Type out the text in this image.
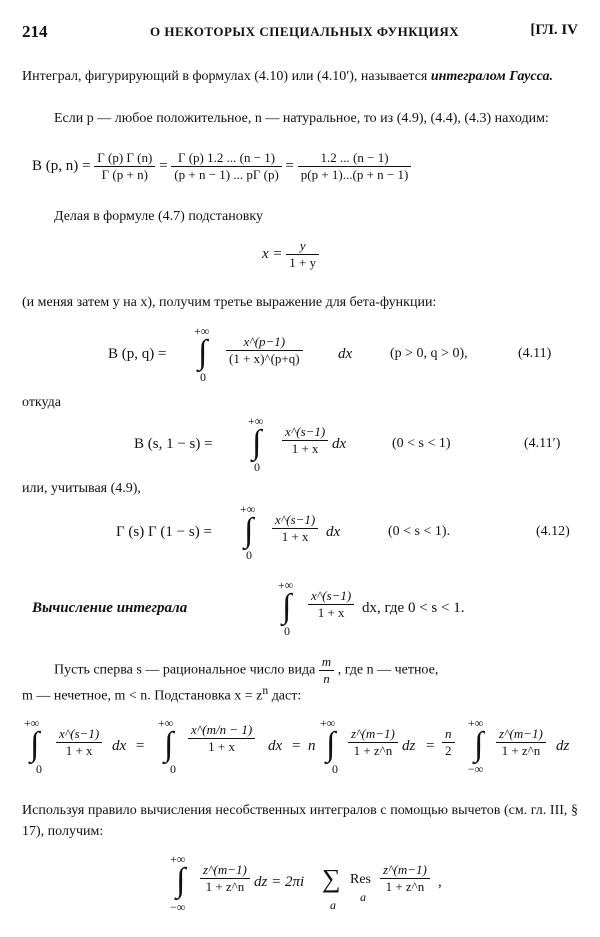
214	О НЕКОТОРЫХ СПЕЦИАЛЬНЫХ ФУНКЦИЯХ	[ГЛ. IV
Интеграл, фигурирующий в формулах (4.10) или (4.10′), называется интегралом Гаусса.
Если p — любое положительное, n — натуральное, то из (4.9), (4.4), (4.3) находим:
B (p, $n) = \frac{\Gamma (p) \Gamma (n)}{\Gamma (p + n)} = \frac{\Gamma (p) 1.2 ... (n - 1)}{(p + n - 1) ... p\Gamma (p)} = \frac{1.2 ... (n - 1)}{p(p + 1)...(p + n - 1)}$
Делая в формуле (4.7) подстановку
$x = \frac{y}{1 + y}$
(и меняя затем y на x), получим третье выражение для бета-функции:
B (p, q) = ∫
+∞
0
$\frac{x\^{}(p-1)}{(1 + x)\^{}(p+q)}$ dx	(p > 0, q > 0),	(4.11)
откуда
B (s, 1 − s) = ∫
+∞
0
$\frac{x\^{}(s-1)}{1 + x}$ dx	(0 < s < 1)	(4.11′)
или, учитывая (4.9),
Γ (s) Γ (1 − s) = ∫
+∞
0
$\frac{x\^{}(s-1)}{1 + x}$ dx	(0 < s < 1).	(4.12)
Вычисление интеграла	∫
+∞
0
$\frac{x\^{}(s-1)}{1 + x}$ dx, где 0 < s < 1.
Пусть сперва s — рациональное число вида $\frac{m}{n}$ , где n — четное,
m — нечетное, m < n. Подстановка $x = z^n$ даст:
∫
+∞
0
$\frac{x\^{}(s-1)}{1 + x}$ dx = ∫
+∞
0
$\frac{x\^{}(m/n - 1)}{1 + x}$ dx = n ∫
+∞
0
$\frac{z\^{}(m-1)}{1 + z\^{}n}$ dz = $\frac{n}{2}$ ∫
+∞
−∞
$\frac{z\^{}(m-1)}{1 + z\^{}n}$ dz
Используя правило вычисления несобственных интегралов с помощью вычетов (см. гл. III, § 17), получим:
∫
+∞
−∞
$\frac{z\^{}(m-1)}{1 + z\^{}n}$ dz = 2πi ∑
a
Res
a
$\frac{z\^{}(m-1)}{1 + z\^{}n}$ ,
